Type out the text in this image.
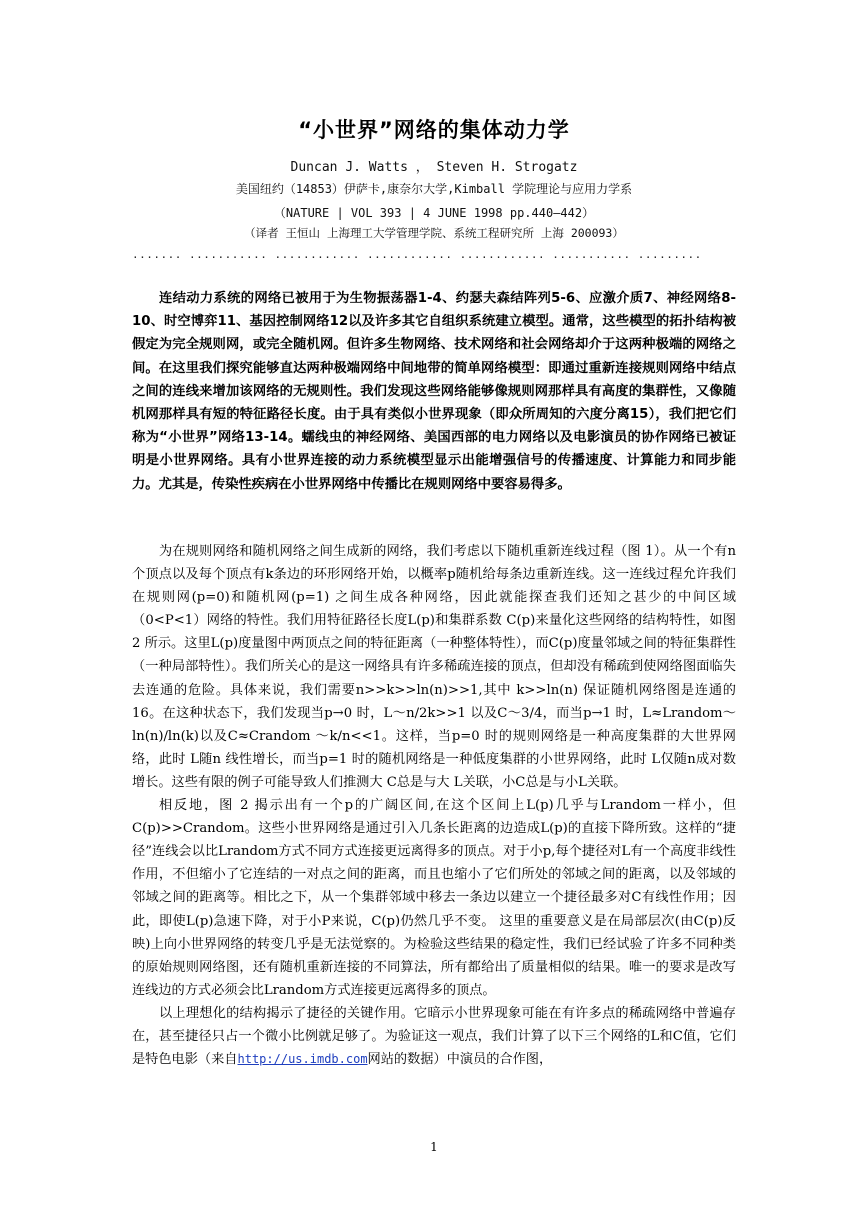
“小世界”网络的集体动力学
Duncan J. Watts ， Steven H. Strogatz
美国纽约（14853）伊萨卡,康奈尔大学,Kimball 学院理论与应用力学系
（NATURE | VOL 393 | 4 JUNE 1998 pp.440—442）
（译者 王恒山 上海理工大学管理学院、系统工程研究所 上海 200093）
....... ........... ............ ............ ............ ........... .........

连结动力系统的网络已被用于为生物振荡器1-4、约瑟夫森结阵列5-6、应激介质7、神经网络8-10、时空博弈11、基因控制网络12以及许多其它自组织系统建立模型。通常，这些模型的拓扑结构被假定为完全规则网，或完全随机网。但许多生物网络、技术网络和社会网络却介于这两种极端的网络之间。在这里我们探究能够直达两种极端网络中间地带的简单网络模型：即通过重新连接规则网络中结点之间的连线来增加该网络的无规则性。我们发现这些网络能够像规则网那样具有高度的集群性，又像随机网那样具有短的特征路径长度。由于具有类似小世界现象（即众所周知的六度分离15），我们把它们称为“小世界”网络13-14。蠕线虫的神经网络、美国西部的电力网络以及电影演员的协作网络已被证明是小世界网络。具有小世界连接的动力系统模型显示出能增强信号的传播速度、计算能力和同步能力。尤其是，传染性疾病在小世界网络中传播比在规则网络中要容易得多。

为在规则网络和随机网络之间生成新的网络，我们考虑以下随机重新连线过程（图 1）。从一个有n个顶点以及每个顶点有k条边的环形网络开始，以概率p随机给每条边重新连线。这一连线过程允许我们在规则网(p=0)和随机网(p=1) 之间生成各种网络，因此就能探查我们还知之甚少的中间区域（0<P<1）网络的特性。我们用特征路径长度L(p)和集群系数 C(p)来量化这些网络的结构特性，如图 2 所示。这里L(p)度量图中两顶点之间的特征距离（一种整体特性），而C(p)度量邻域之间的特征集群性（一种局部特性）。我们所关心的是这一网络具有许多稀疏连接的顶点，但却没有稀疏到使网络图面临失去连通的危险。具体来说，我们需要n>>k>>ln(n)>>1,其中 k>>ln(n) 保证随机网络图是连通的16。在这种状态下，我们发现当p→0 时，L～n/2k>>1 以及C～3/4，而当p→1 时，L≈Lrandom～ln(n)/ln(k)以及C≈Crandom ～k/n<<1。这样，当p=0 时的规则网络是一种高度集群的大世界网络，此时 L随n 线性增长，而当p=1 时的随机网络是一种低度集群的小世界网络，此时 L仅随n成对数增长。这些有限的例子可能导致人们推测大 C总是与大 L关联，小C总是与小L关联。

相反地，图 2 揭示出有一个p的广阔区间,在这个区间上L(p)几乎与Lrandom一样小，但C(p)>>Crandom。这些小世界网络是通过引入几条长距离的边造成L(p)的直接下降所致。这样的“捷径”连线会以比Lrandom方式不同方式连接更远离得多的顶点。对于小p,每个捷径对L有一个高度非线性作用，不但缩小了它连结的一对点之间的距离，而且也缩小了它们所处的邻域之间的距离，以及邻域的邻域之间的距离等。相比之下，从一个集群邻域中移去一条边以建立一个捷径最多对C有线性作用；因此，即使L(p)急速下降，对于小P来说，C(p)仍然几乎不变。 这里的重要意义是在局部层次(由C(p)反映)上向小世界网络的转变几乎是无法觉察的。为检验这些结果的稳定性，我们已经试验了许多不同种类的原始规则网络图，还有随机重新连接的不同算法，所有都给出了质量相似的结果。唯一的要求是改写连线边的方式必须会比Lrandom方式连接更远离得多的顶点。

以上理想化的结构揭示了捷径的关键作用。它暗示小世界现象可能在有许多点的稀疏网络中普遍存在，甚至捷径只占一个微小比例就足够了。为验证这一观点，我们计算了以下三个网络的L和C值，它们是特色电影（来自http://us.imdb.com网站的数据）中演员的合作图，

1
